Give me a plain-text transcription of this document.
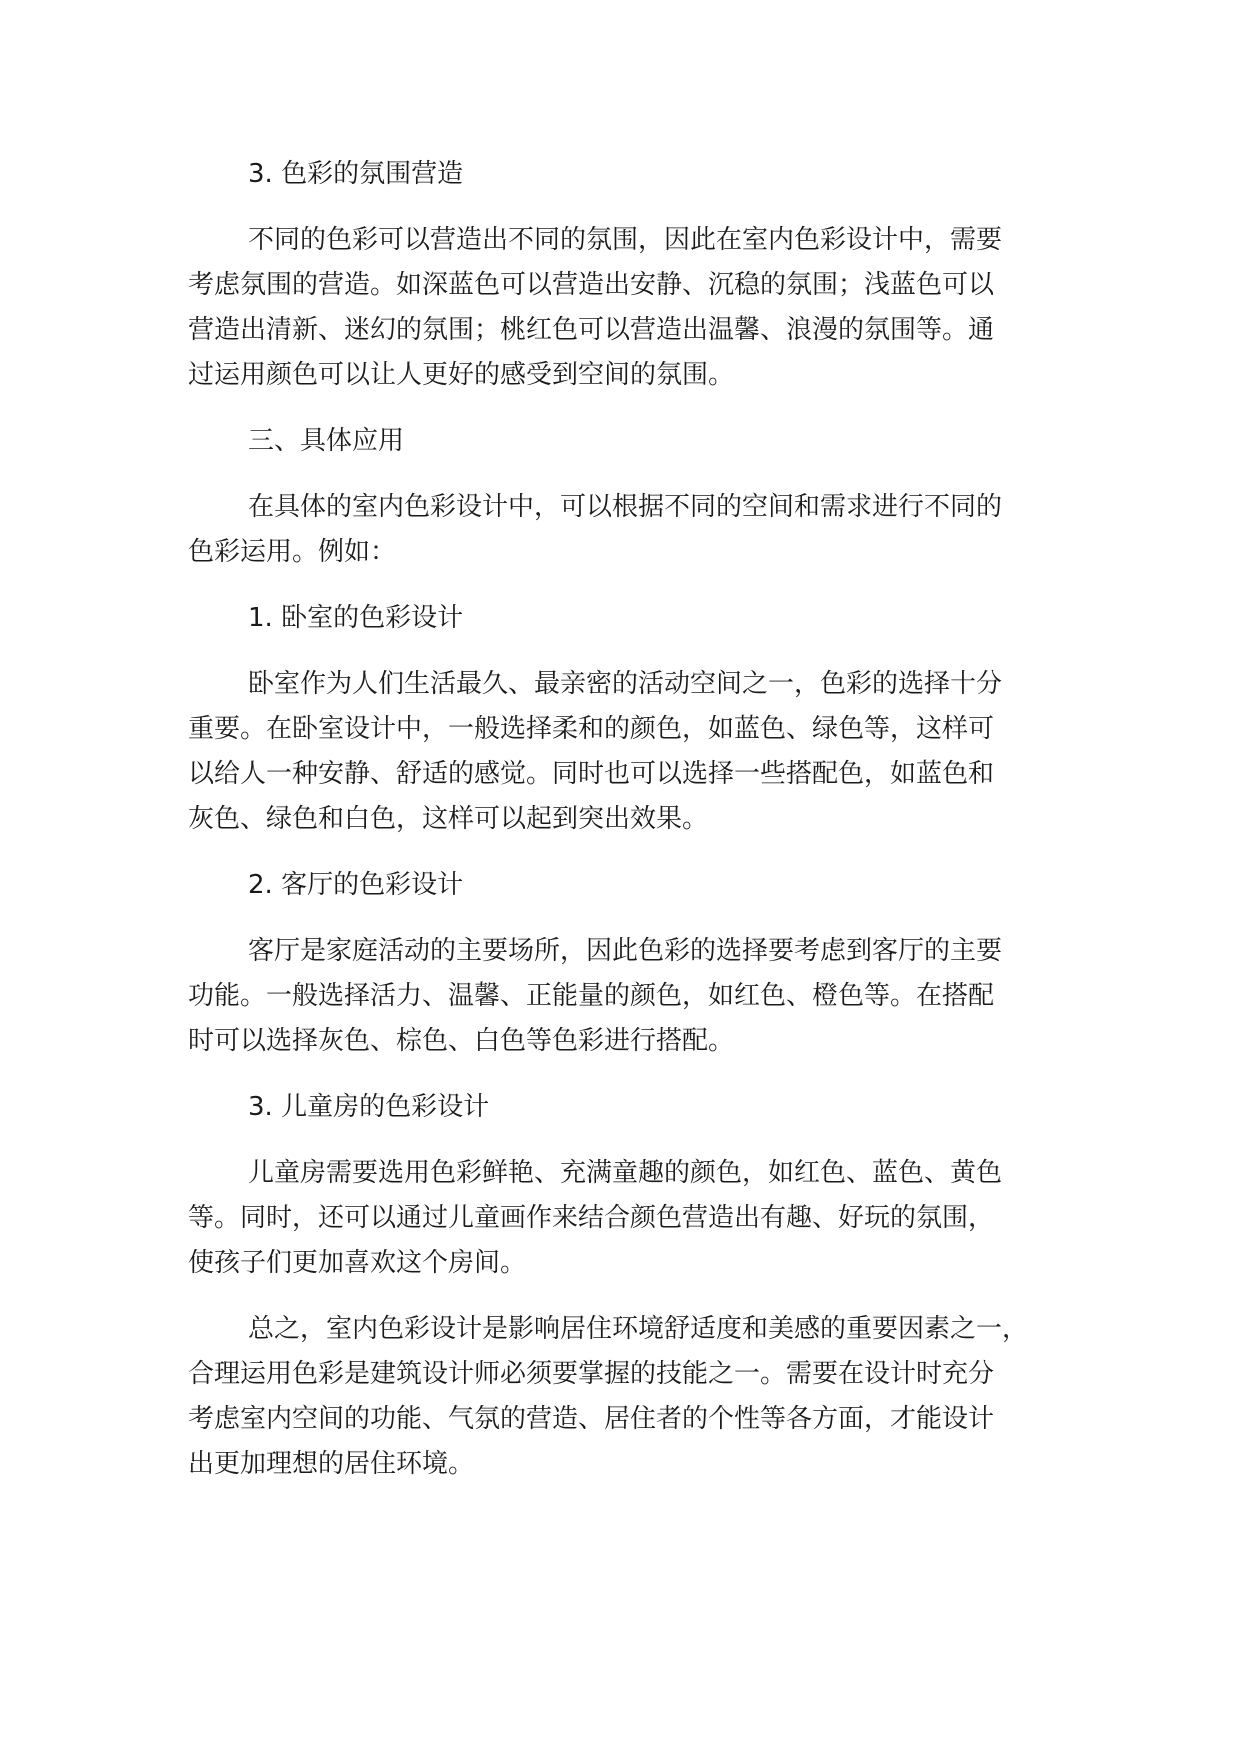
3. 色彩的氛围营造

不同的色彩可以营造出不同的氛围，因此在室内色彩设计中，需要

考虑氛围的营造。如深蓝色可以营造出安静、沉稳的氛围；浅蓝色可以

营造出清新、迷幻的氛围；桃红色可以营造出温馨、浪漫的氛围等。通

过运用颜色可以让人更好的感受到空间的氛围。

三、具体应用

在具体的室内色彩设计中，可以根据不同的空间和需求进行不同的

色彩运用。例如：

1. 卧室的色彩设计

卧室作为人们生活最久、最亲密的活动空间之一，色彩的选择十分

重要。在卧室设计中，一般选择柔和的颜色，如蓝色、绿色等，这样可

以给人一种安静、舒适的感觉。同时也可以选择一些搭配色，如蓝色和

灰色、绿色和白色，这样可以起到突出效果。

2. 客厅的色彩设计

客厅是家庭活动的主要场所，因此色彩的选择要考虑到客厅的主要

功能。一般选择活力、温馨、正能量的颜色，如红色、橙色等。在搭配

时可以选择灰色、棕色、白色等色彩进行搭配。

3. 儿童房的色彩设计

儿童房需要选用色彩鲜艳、充满童趣的颜色，如红色、蓝色、黄色

等。同时，还可以通过儿童画作来结合颜色营造出有趣、好玩的氛围，

使孩子们更加喜欢这个房间。

总之，室内色彩设计是影响居住环境舒适度和美感的重要因素之一，

合理运用色彩是建筑设计师必须要掌握的技能之一。需要在设计时充分

考虑室内空间的功能、气氛的营造、居住者的个性等各方面，才能设计

出更加理想的居住环境。
